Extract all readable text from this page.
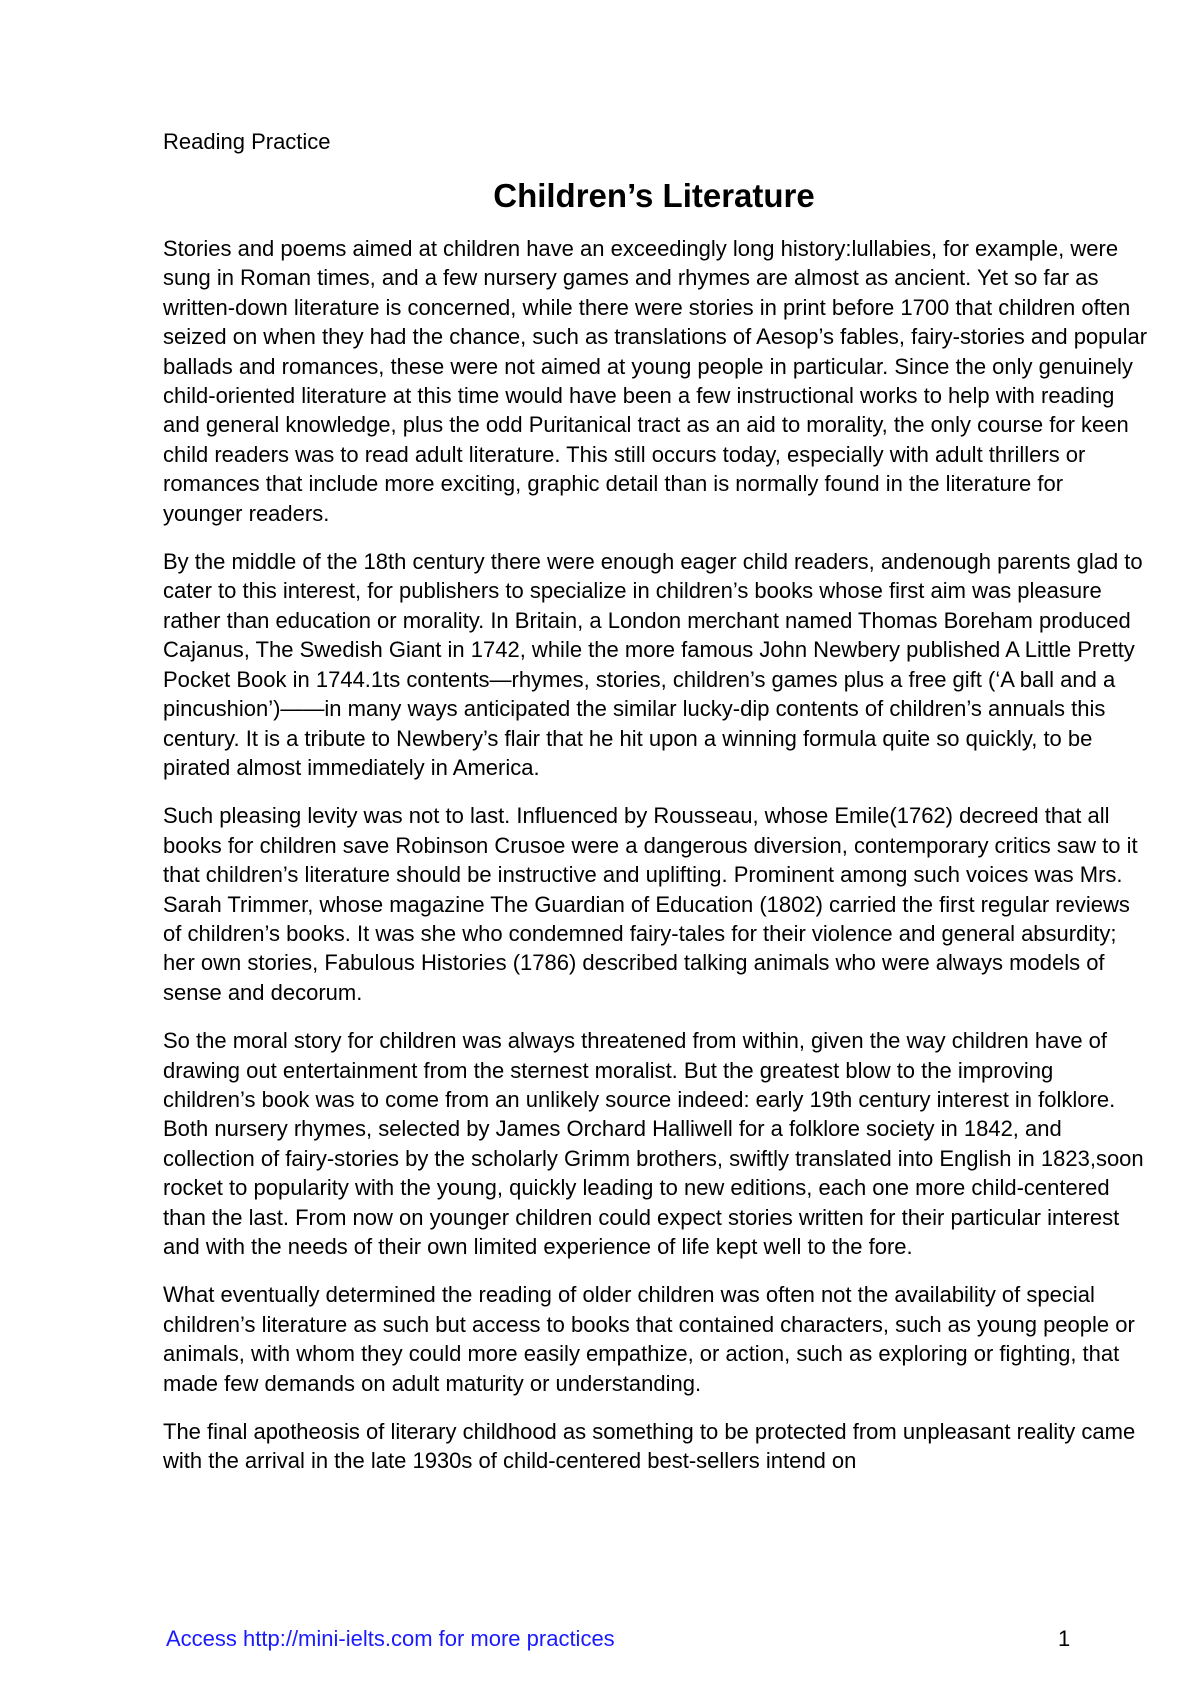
Reading Practice
Children’s Literature

Stories and poems aimed at children have an exceedingly long history:lullabies, for example, were sung in Roman times, and a few nursery games and rhymes are almost as ancient. Yet so far as written-down literature is concerned, while there were stories in print before 1700 that children often seized on when they had the chance, such as translations of Aesop’s fables, fairy-stories and popular ballads and romances, these were not aimed at young people in particular. Since the only genuinely child-oriented literature at this time would have been a few instructional works to help with reading and general knowledge, plus the odd Puritanical tract as an aid to morality, the only course for keen child readers was to read adult literature. This still occurs today, especially with adult thrillers or romances that include more exciting, graphic detail than is normally found in the literature for younger readers.

By the middle of the 18th century there were enough eager child readers, andenough parents glad to cater to this interest, for publishers to specialize in children’s books whose first aim was pleasure rather than education or morality. In Britain, a London merchant named Thomas Boreham produced Cajanus, The Swedish Giant in 1742, while the more famous John Newbery published A Little Pretty Pocket Book in 1744.1ts contents—rhymes, stories, children’s games plus a free gift (‘A ball and a pincushion’)——in many ways anticipated the similar lucky-dip contents of children’s annuals this century. It is a tribute to Newbery’s flair that he hit upon a winning formula quite so quickly, to be pirated almost immediately in America.

Such pleasing levity was not to last. Influenced by Rousseau, whose Emile(1762) decreed that all books for children save Robinson Crusoe were a dangerous diversion, contemporary critics saw to it that children’s literature should be instructive and uplifting. Prominent among such voices was Mrs. Sarah Trimmer, whose magazine The Guardian of Education (1802) carried the first regular reviews of children’s books. It was she who condemned fairy-tales for their violence and general absurdity; her own stories, Fabulous Histories (1786) described talking animals who were always models of sense and decorum.

So the moral story for children was always threatened from within, given the way children have of drawing out entertainment from the sternest moralist. But the greatest blow to the improving children’s book was to come from an unlikely source indeed: early 19th century interest in folklore. Both nursery rhymes, selected by James Orchard Halliwell for a folklore society in 1842, and collection of fairy-stories by the scholarly Grimm brothers, swiftly translated into English in 1823,soon rocket to popularity with the young, quickly leading to new editions, each one more child-centered than the last. From now on younger children could expect stories written for their particular interest and with the needs of their own limited experience of life kept well to the fore.

What eventually determined the reading of older children was often not the availability of special children’s literature as such but access to books that contained characters, such as young people or animals, with whom they could more easily empathize, or action, such as exploring or fighting, that made few demands on adult maturity or understanding.

The final apotheosis of literary childhood as something to be protected from unpleasant reality came with the arrival in the late 1930s of child-centered best-sellers intend on

Access http://mini-ielts.com for more practices	1
